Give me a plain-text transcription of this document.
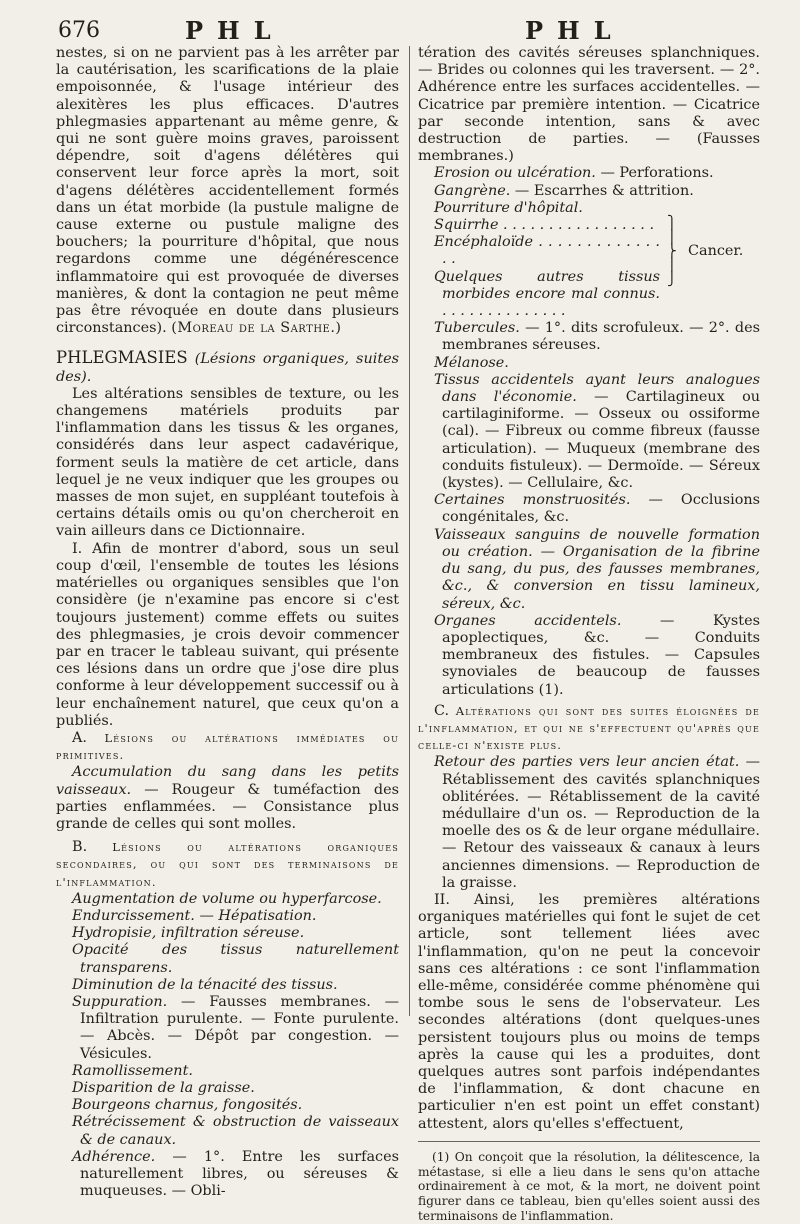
676	PHL	PHL

nestes, si on ne parvient pas à les arrêter par la cautérisation, les scarifications de la plaie empoisonnée, & l'usage intérieur des alexitères les plus efficaces. D'autres phlegmasies appartenant au même genre, & qui ne sont guère moins graves, paroissent dépendre, soit d'agens délétères qui conservent leur force après la mort, soit d'agens délétères accidentellement formés dans un état morbide (la pustule maligne de cause externe ou pustule maligne des bouchers; la pourriture d'hôpital, que nous regardons comme une dégénérescence inflammatoire qui est provoquée de diverses manières, & dont la contagion ne peut même pas être révoquée en doute dans plusieurs circonstances). (Moreau de la Sarthe.)

PHLEGMASIES (Lésions organiques, suites des).

Les altérations sensibles de texture, ou les changemens matériels produits par l'inflammation dans les tissus & les organes, considérés dans leur aspect cadavérique, forment seuls la matière de cet article, dans lequel je ne veux indiquer que les groupes ou masses de mon sujet, en suppléant toutefois à certains détails omis ou qu'on chercheroit en vain ailleurs dans ce Dictionnaire.

I. Afin de montrer d'abord, sous un seul coup d'œil, l'ensemble de toutes les lésions matérielles ou organiques sensibles que l'on considère (je n'examine pas encore si c'est toujours justement) comme effets ou suites des phlegmasies, je crois devoir commencer par en tracer le tableau suivant, qui présente ces lésions dans un ordre que j'ose dire plus conforme à leur développement successif ou à leur enchaînement naturel, que ceux qu'on a publiés.

A. Lésions ou altérations immédiates ou primitives.

Accumulation du sang dans les petits vaisseaux. — Rougeur & tuméfaction des parties enflammées. — Consistance plus grande de celles qui sont molles.

B. Lésions ou altérations organiques secondaires, ou qui sont des terminaisons de l'inflammation.

Augmentation de volume ou hyperfarcose.

Endurcissement. — Hépatisation.

Hydropisie, infiltration séreuse.

Opacité des tissus naturellement transparens.

Diminution de la ténacité des tissus.

Suppuration. — Fausses membranes. — Infiltration purulente. — Fonte purulente. — Abcès. — Dépôt par congestion. — Vésicules.

Ramollissement.

Disparition de la graisse.

Bourgeons charnus, fongosités.

Rétrécissement & obstruction de vaisseaux & de canaux.

Adhérence. — 1°. Entre les surfaces naturellement libres, ou séreuses & muqueuses. — Obli-

tération des cavités séreuses splanchniques. — Brides ou colonnes qui les traversent. — 2°. Adhérence entre les surfaces accidentelles. — Cicatrice par première intention. — Cicatrice par seconde intention, sans & avec destruction de parties. — (Fausses membranes.)

Erosion ou ulcération. — Perforations.

Gangrène. — Escarrhes & attrition.

Pourriture d'hôpital.

Squirrhe . . . . . . . . . . . . . . . . .

Encéphaloïde . . . . . . . . . . . . . . .

Quelques autres tissus morbides encore mal connus. . . . . . . . . . . . . . .

⎫
⎪
⎬
⎪
⎭
Cancer.

Tubercules. — 1°. dits scrofuleux. — 2°. des membranes séreuses.

Mélanose.

Tissus accidentels ayant leurs analogues dans l'économie. — Cartilagineux ou cartilaginiforme. — Osseux ou ossiforme (cal). — Fibreux ou comme fibreux (fausse articulation). — Muqueux (membrane des conduits fistuleux). — Dermoïde. — Séreux (kystes). — Cellulaire, &c.

Certaines monstruosités. — Occlusions congénitales, &c.

Vaisseaux sanguins de nouvelle formation ou création. — Organisation de la fibrine du sang, du pus, des fausses membranes, &c., & conversion en tissu lamineux, séreux, &c.

Organes accidentels.	— Kystes apoplectiques, &c. — Conduits membraneux des fistules. — Capsules synoviales de beaucoup de fausses articulations (1).

C. Altérations qui sont des suites éloignées de l'inflammation, et qui ne s'effectuent qu'après que celle-ci n'existe plus.

Retour des parties vers leur ancien état. — Rétablissement des cavités splanchniques oblitérées. — Rétablissement de la cavité médullaire d'un os. — Reproduction de la moelle des os & de leur organe médullaire. — Retour des vaisseaux & canaux à leurs anciennes dimensions. — Reproduction de la graisse.

II. Ainsi, les premières altérations organiques matérielles qui font le sujet de cet article, sont tellement liées avec l'inflammation, qu'on ne peut la concevoir sans ces altérations : ce sont l'inflammation elle-même, considérée comme phénomène qui tombe sous le sens de l'observateur. Les secondes altérations (dont quelques-unes persistent toujours plus ou moins de temps après la cause qui les a produites, dont quelques autres sont parfois indépendantes de l'inflammation, & dont chacune en particulier n'en est point un effet constant) attestent, alors qu'elles s'effectuent,

(1) On conçoit que la résolution, la délitescence, la métastase, si elle a lieu dans le sens qu'on attache ordinairement à ce mot, & la mort, ne doivent point figurer dans ce tableau, bien qu'elles soient aussi des terminaisons de l'inflammation.
